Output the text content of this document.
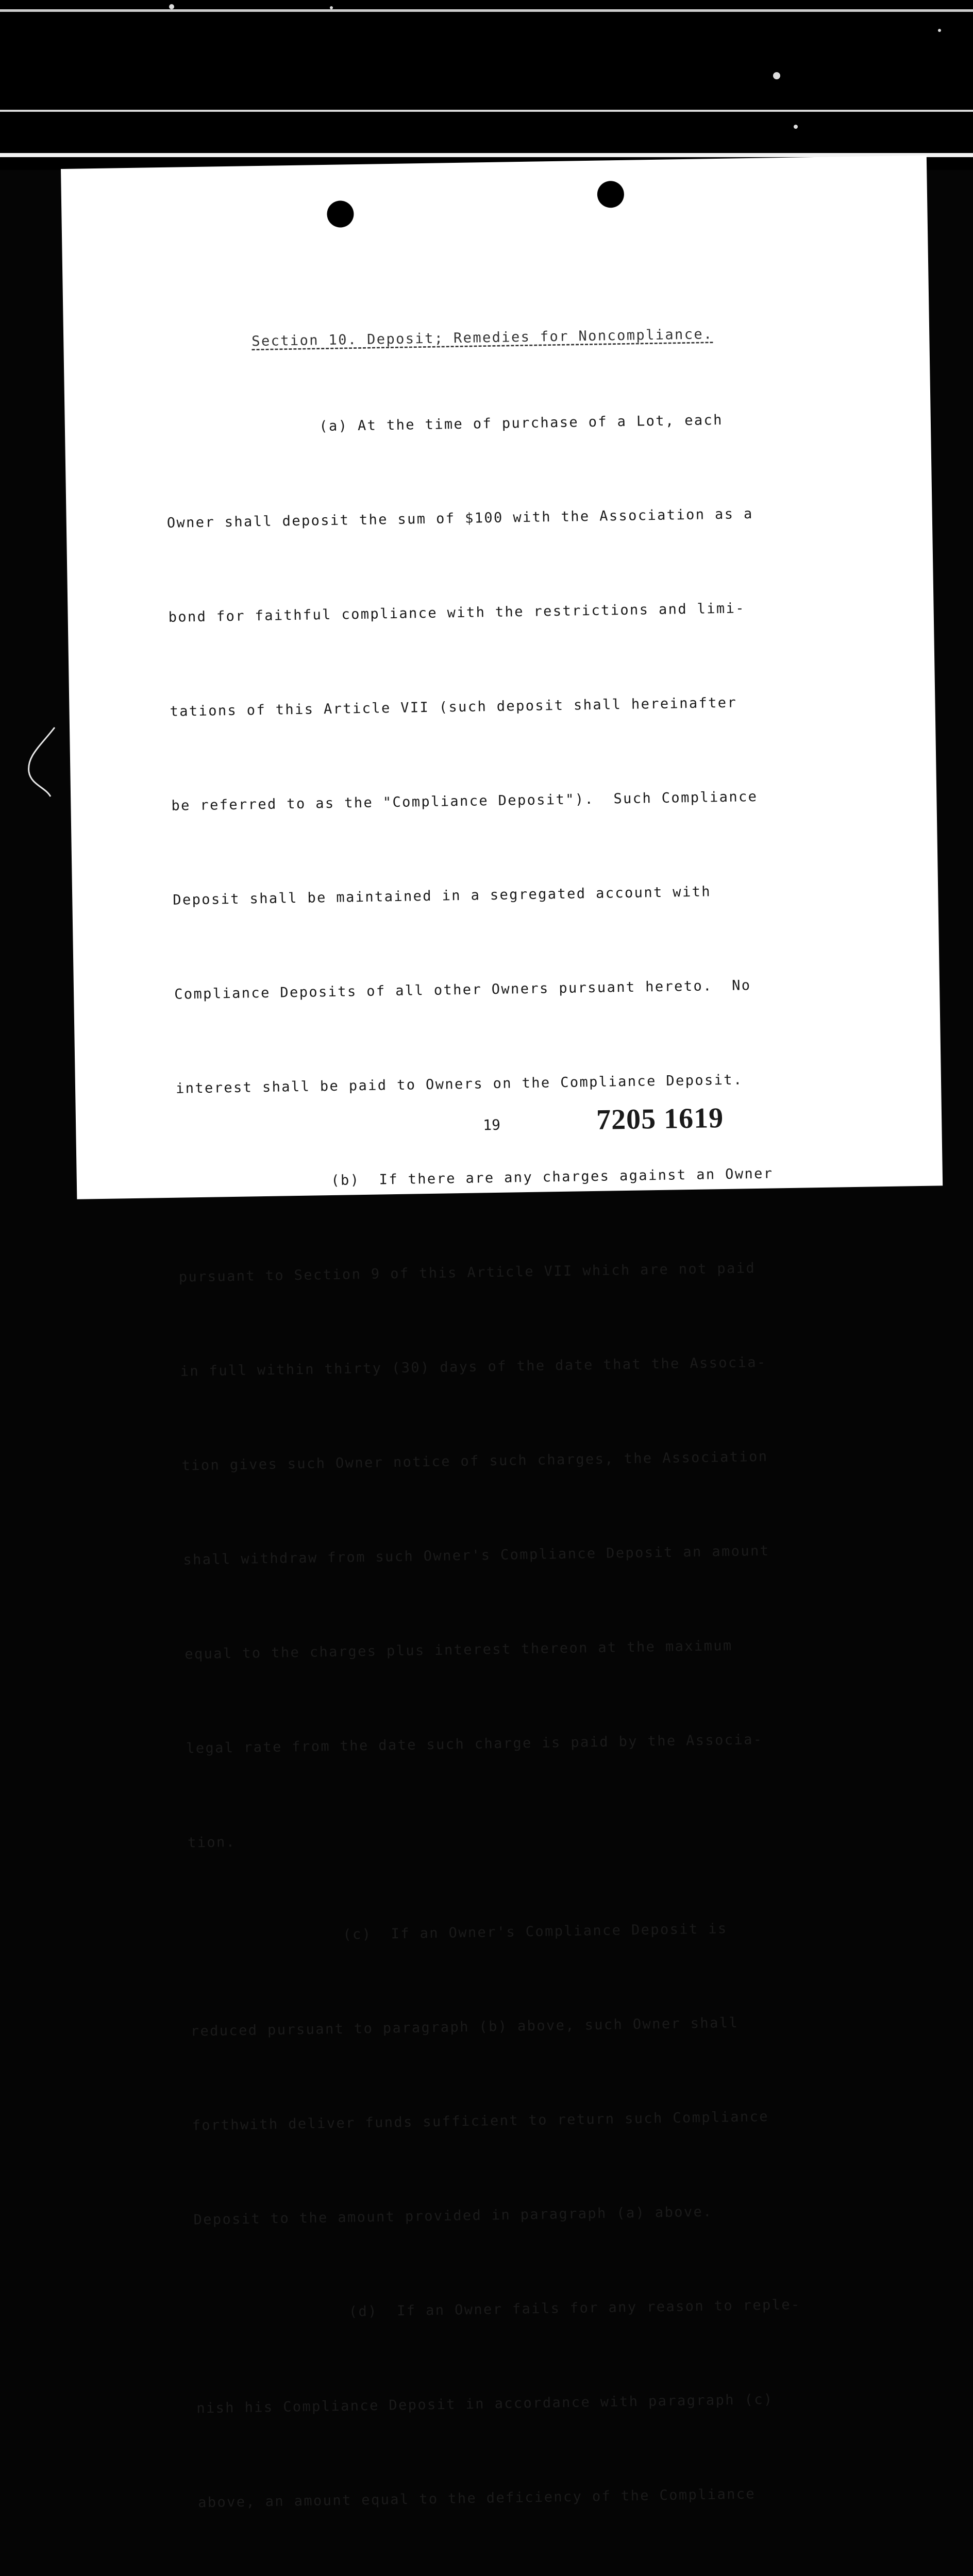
Section 10. Deposit; Remedies for Noncompliance.

(a) At the time of purchase of a Lot, each

Owner shall deposit the sum of $100 with the Association as a

bond for faithful compliance with the restrictions and limi-

tations of this Article VII (such deposit shall hereinafter

be referred to as the "Compliance Deposit").  Such Compliance

Deposit shall be maintained in a segregated account with

Compliance Deposits of all other Owners pursuant hereto.  No

interest shall be paid to Owners on the Compliance Deposit.

(b)  If there are any charges against an Owner

pursuant to Section 9 of this Article VII which are not paid

in full within thirty (30) days of the date that the Associa-

tion gives such Owner notice of such charges, the Association

shall withdraw from such Owner's Compliance Deposit an amount

equal to the charges plus interest thereon at the maximum

legal rate from the date such charge is paid by the Associa-

tion.

(c)  If an Owner's Compliance Deposit is

reduced pursuant to paragraph (b) above, such Owner shall

forthwith deliver funds sufficient to return such Compliance

Deposit to the amount provided in paragraph (a) above.

(d)  If an Owner fails for any reason to reple-

nish his Compliance Deposit in accordance with paragraph (c)

above, an amount equal to the deficiency of the Compliance

19	7205 1619
